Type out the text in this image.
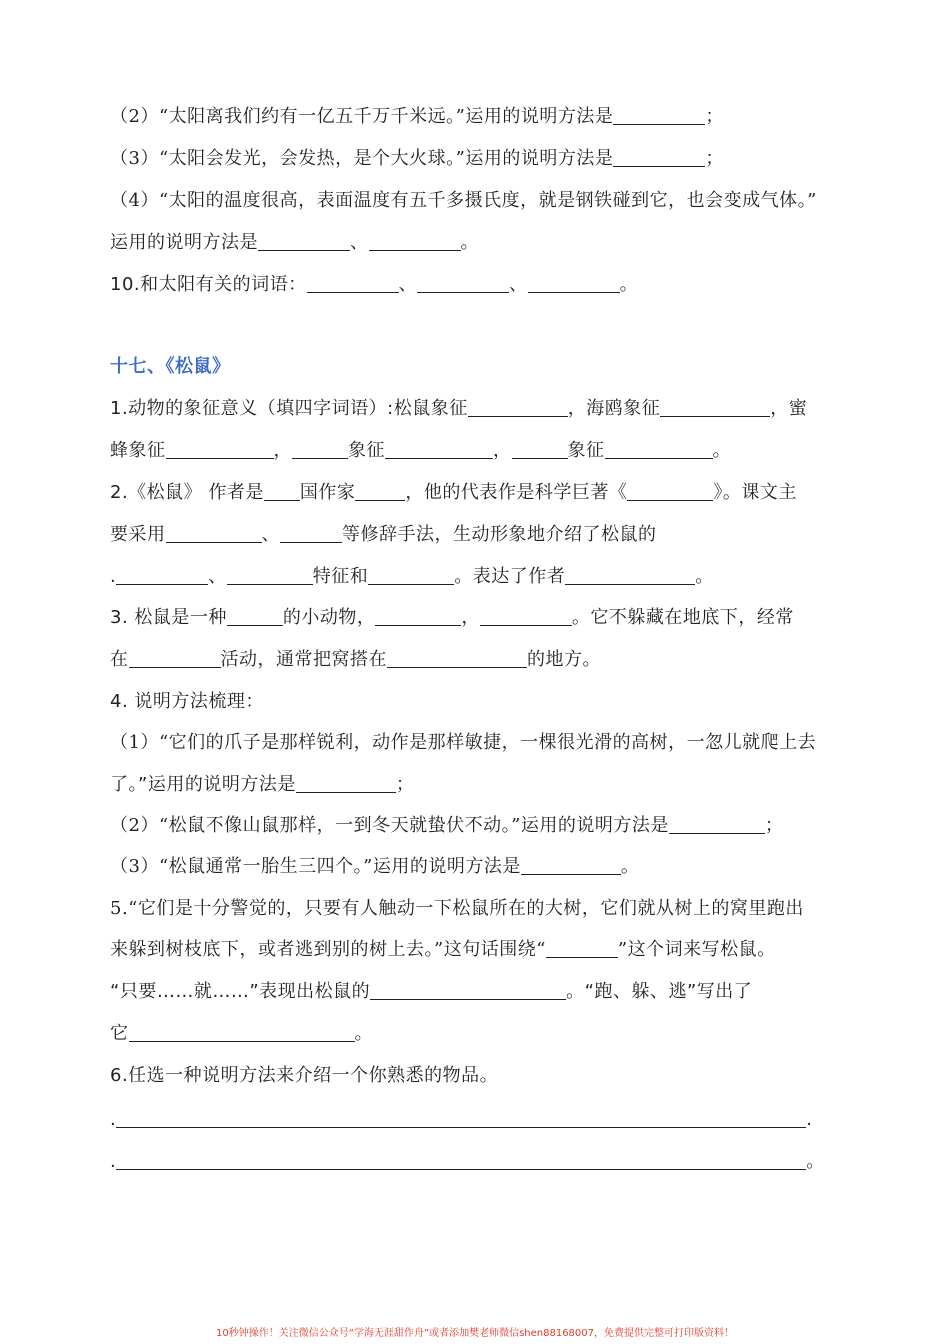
（2）“太阳离我们约有一亿五千万千米远。”运用的说明方法是	；
（3）“太阳会发光，会发热，是个大火球。”运用的说明方法是	；
（4）“太阳的温度很高，表面温度有五千多摄氏度，就是钢铁碰到它，也会变成气体。”
运用的说明方法是	、	。
10.和太阳有关的词语：	、	、	。
十七、《松鼠》
1.动物的象征意义（填四字词语）:松鼠象征	，海鸥象征	，蜜
蜂象征	，	象征	，	象征	。
2.《松鼠》 作者是 国作家	，他的代表作是科学巨著《	》。课文主
要采用	、	等修辞手法，生动形象地介绍了松鼠的
.	、	特征和	。表达了作者	。
3. 松鼠是一种	的小动物，	，	。它不躲藏在地底下，经常
在	活动，通常把窝搭在	的地方。
4. 说明方法梳理：
（1）“它们的爪子是那样锐利，动作是那样敏捷，一棵很光滑的高树，一忽儿就爬上去
了。”运用的说明方法是	；
（2）“松鼠不像山鼠那样，一到冬天就蛰伏不动。”运用的说明方法是	；
（3）“松鼠通常一胎生三四个。”运用的说明方法是	。
5.“它们是十分警觉的，只要有人触动一下松鼠所在的大树，它们就从树上的窝里跑出
来躲到树枝底下，或者逃到别的树上去。”这句话围绕“	”这个词来写松鼠。
“只要……就……”表现出松鼠的	。“跑、躲、逃”写出了
它	。
6.任选一种说明方法来介绍一个你熟悉的物品。
.	.
.	。
10秒钟操作！关注微信公众号“学海无涯甜作舟”或者添加樊老师微信shen88168007，免费提供完整可打印版资料！
